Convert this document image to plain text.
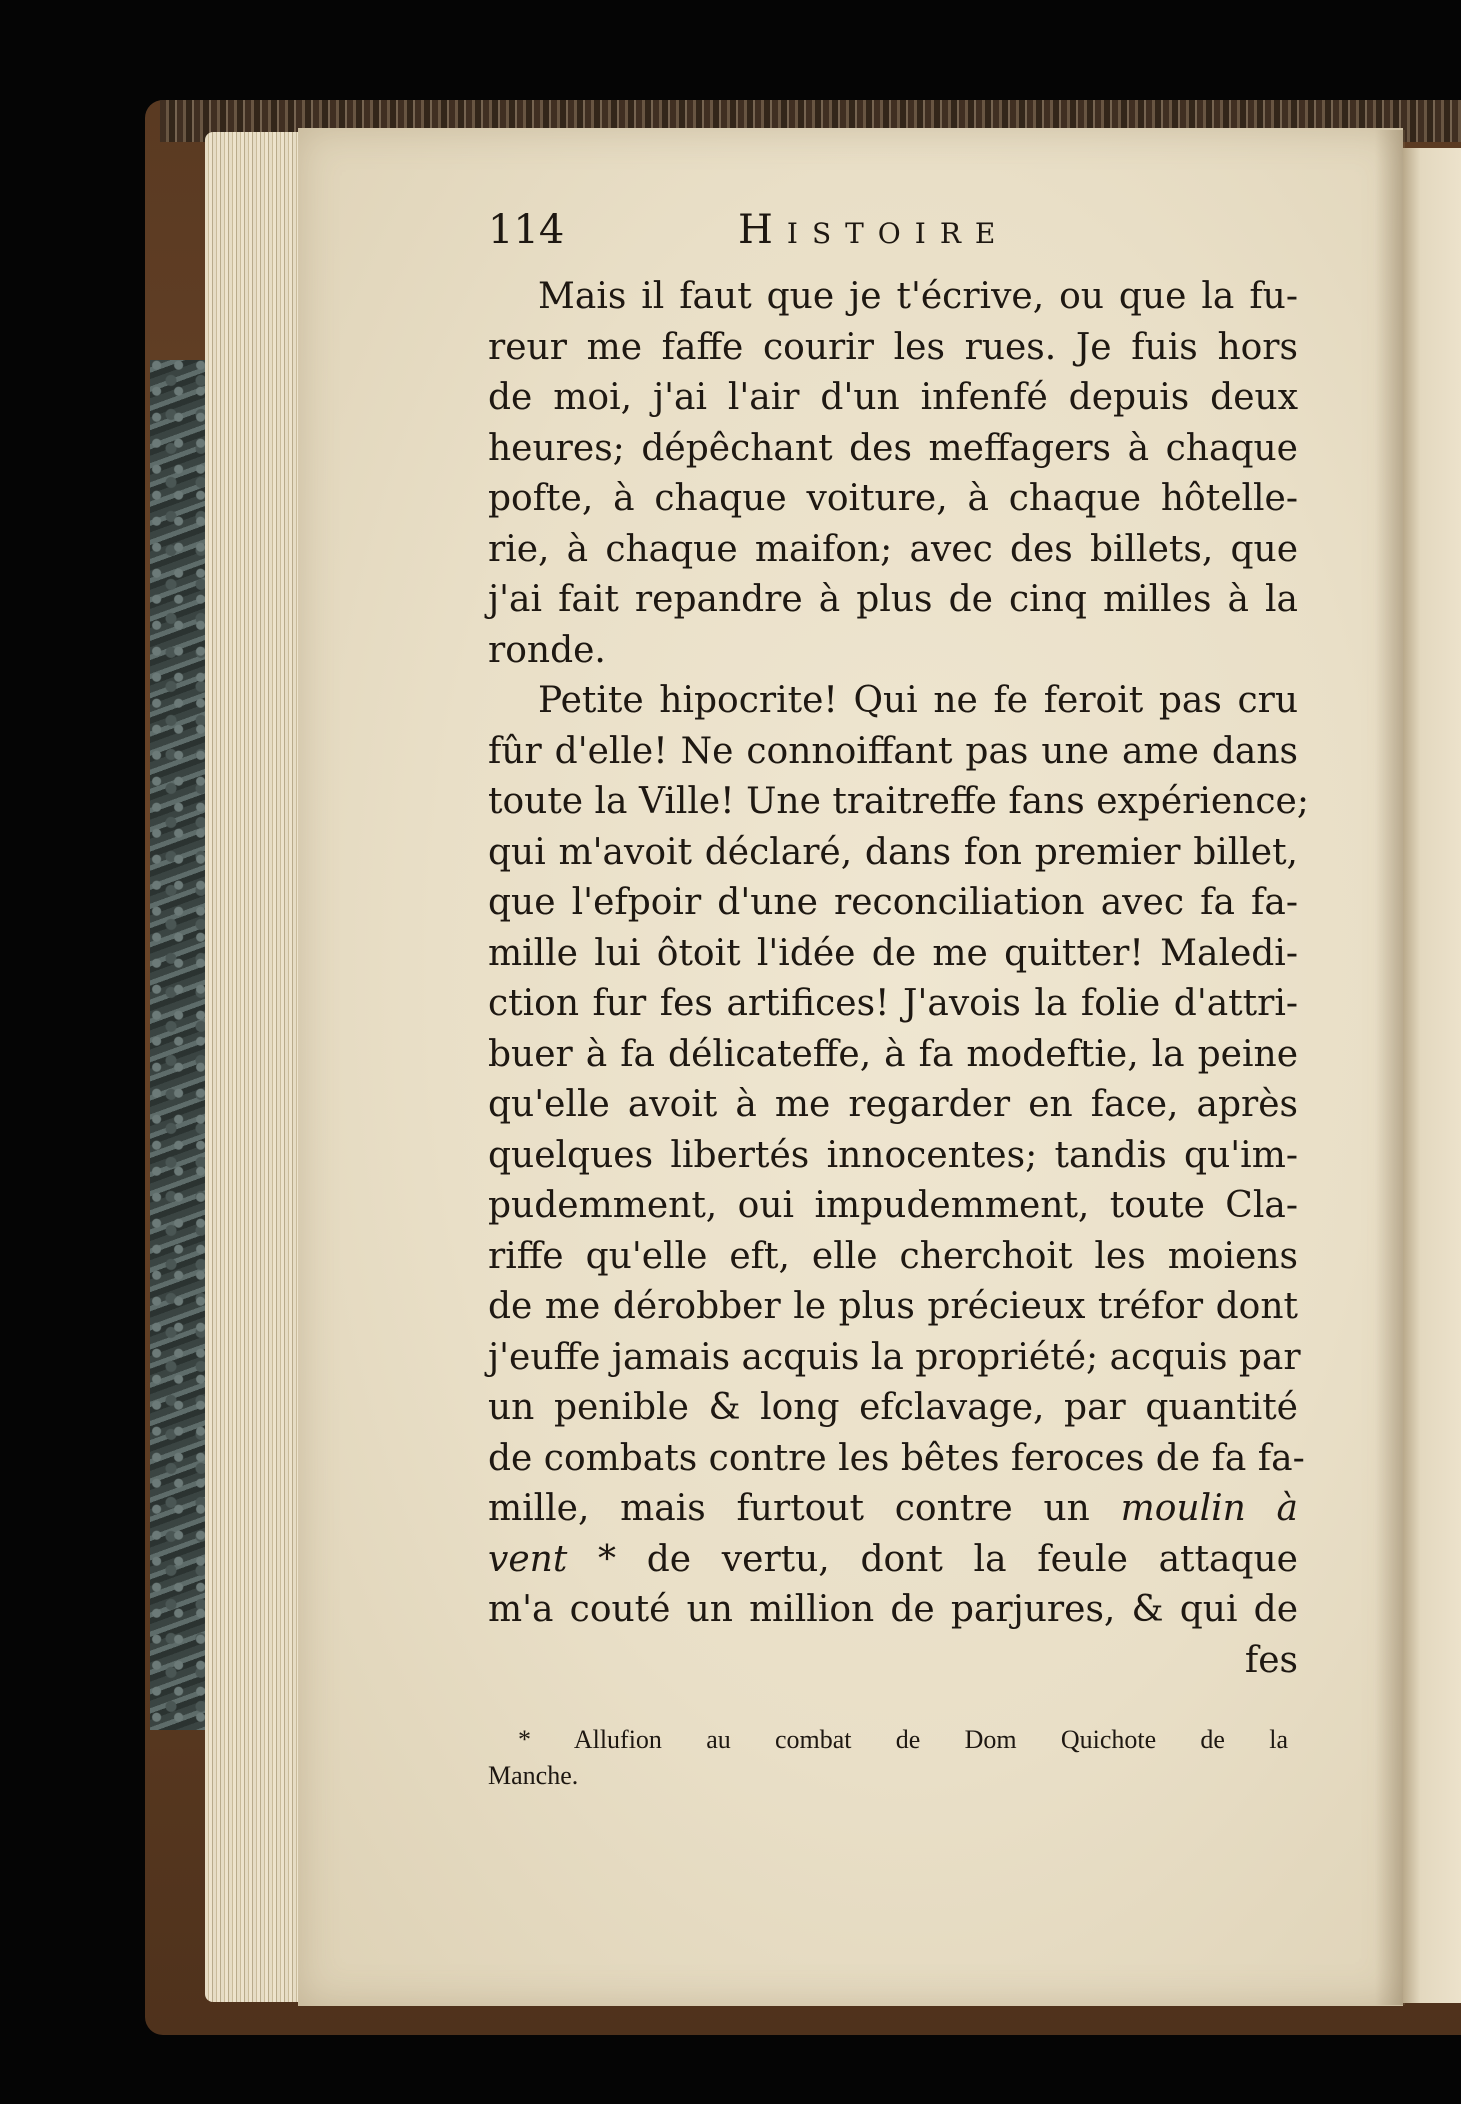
114	Histoire
Mais il faut que je t'écrive, ou que la fu-
reur me faffe courir les rues. Je fuis hors
de moi, j'ai l'air d'un infenfé depuis deux
heures; dépêchant des meffagers à chaque
pofte, à chaque voiture, à chaque hôtelle-
rie, à chaque maifon; avec des billets, que
j'ai fait repandre à plus de cinq milles à la
ronde.
Petite hipocrite! Qui ne fe feroit pas cru
fûr d'elle! Ne connoiffant pas une ame dans
toute la Ville! Une traitreffe fans expérience;
qui m'avoit déclaré, dans fon premier billet,
que l'efpoir d'une reconciliation avec fa fa-
mille lui ôtoit l'idée de me quitter! Maledi-
ction fur fes artifices! J'avois la folie d'attri-
buer à fa délicateffe, à fa modeftie, la peine
qu'elle avoit à me regarder en face, après
quelques libertés innocentes; tandis qu'im-
pudemment, oui impudemment, toute Cla-
riffe qu'elle eft, elle cherchoit les moiens
de me dérobber le plus précieux tréfor dont
j'euffe jamais acquis la propriété; acquis par
un penible & long efclavage, par quantité
de combats contre les bêtes feroces de fa fa-
mille, mais furtout contre un moulin à
vent * de vertu, dont la feule attaque
m'a couté un million de parjures, & qui de
fes
* Allufion au combat de Dom Quichote de la
Manche.
